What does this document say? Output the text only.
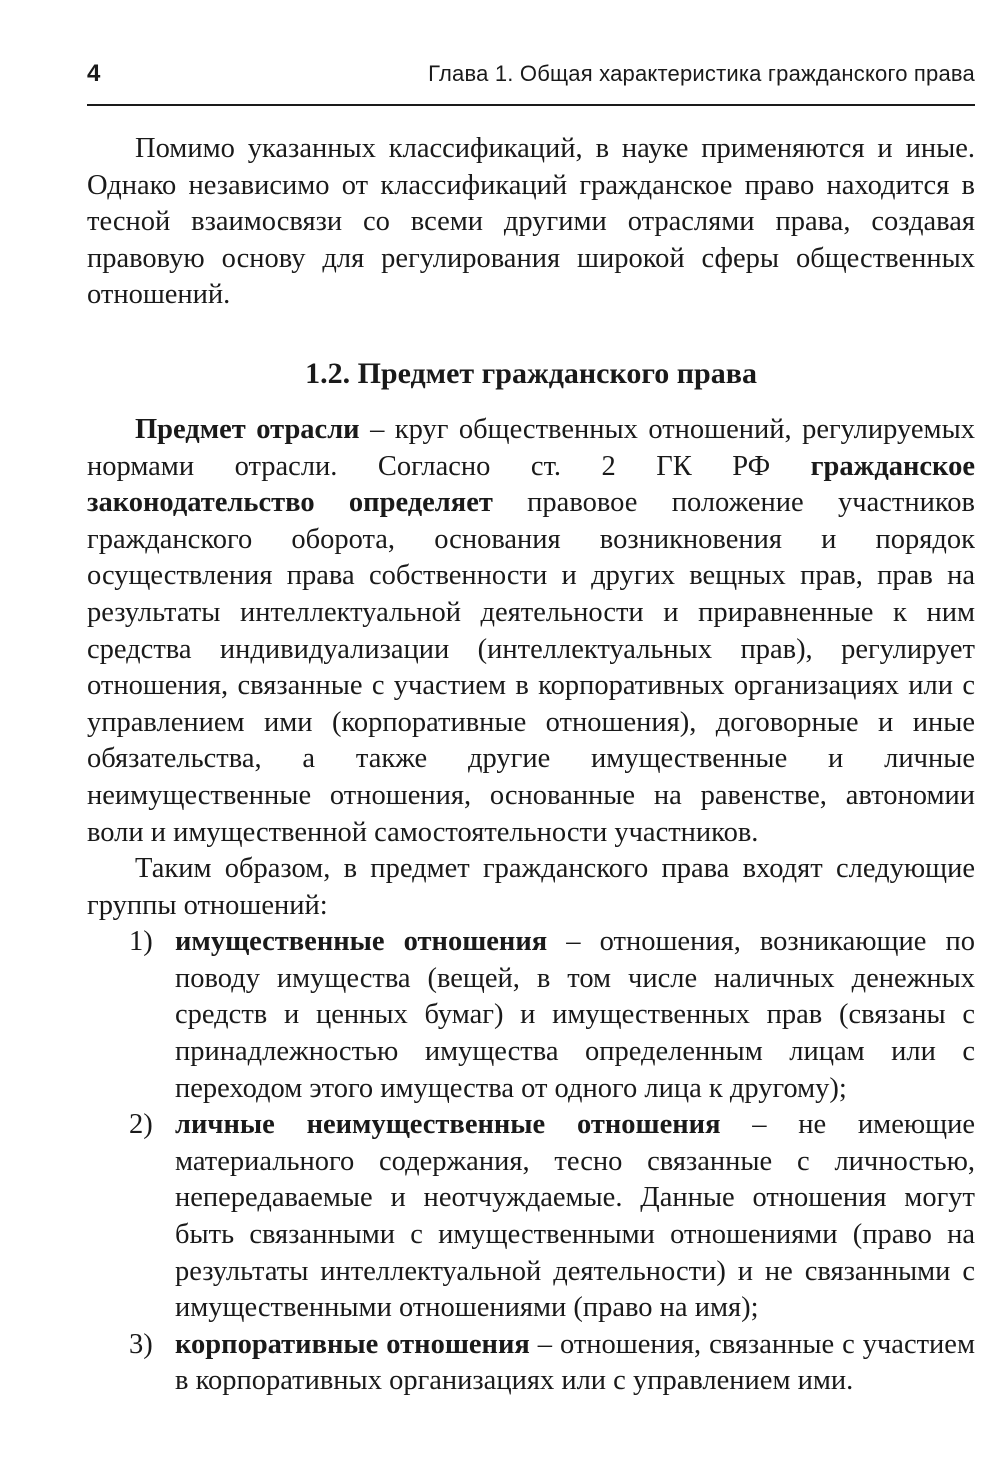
4	Глава 1. Общая характеристика гражданского права

Помимо указанных классификаций, в науке применяются и иные. Однако независимо от классификаций гражданское право находится в тесной взаимосвязи со всеми другими отраслями права, создавая правовую основу для регулирования широкой сферы общественных отношений.

1.2. Предмет гражданского права

Предмет отрасли – круг общественных отношений, регулируемых нормами отрасли. Согласно ст. 2 ГК РФ гражданское законодательство определяет правовое положение участников гражданского оборота, основания возникновения и порядок осуществления права собственности и других вещных прав, прав на результаты интеллектуальной деятельности и приравненные к ним средства индивидуализации (интеллектуальных прав), регулирует отношения, связанные с участием в корпоративных организациях или с управлением ими (корпоративные отношения), договорные и иные обязательства, а также другие имущественные и личные неимущественные отношения, основанные на равенстве, автономии воли и имущественной самостоятельности участников.

Таким образом, в предмет гражданского права входят следующие группы отношений:

1) имущественные отношения – отношения, возникающие по поводу имущества (вещей, в том числе наличных денежных средств и ценных бумаг) и имущественных прав (связаны с принадлежностью имущества определенным лицам или с переходом этого имущества от одного лица к другому);
2) личные неимущественные отношения – не имеющие материального содержания, тесно связанные с личностью, непередаваемые и неотчуждаемые. Данные отношения могут быть связанными с имущественными отношениями (право на результаты интеллектуальной деятельности) и не связанными с имущественными отношениями (право на имя);
3) корпоративные отношения – отношения, связанные с участием в корпоративных организациях или с управлением ими.
